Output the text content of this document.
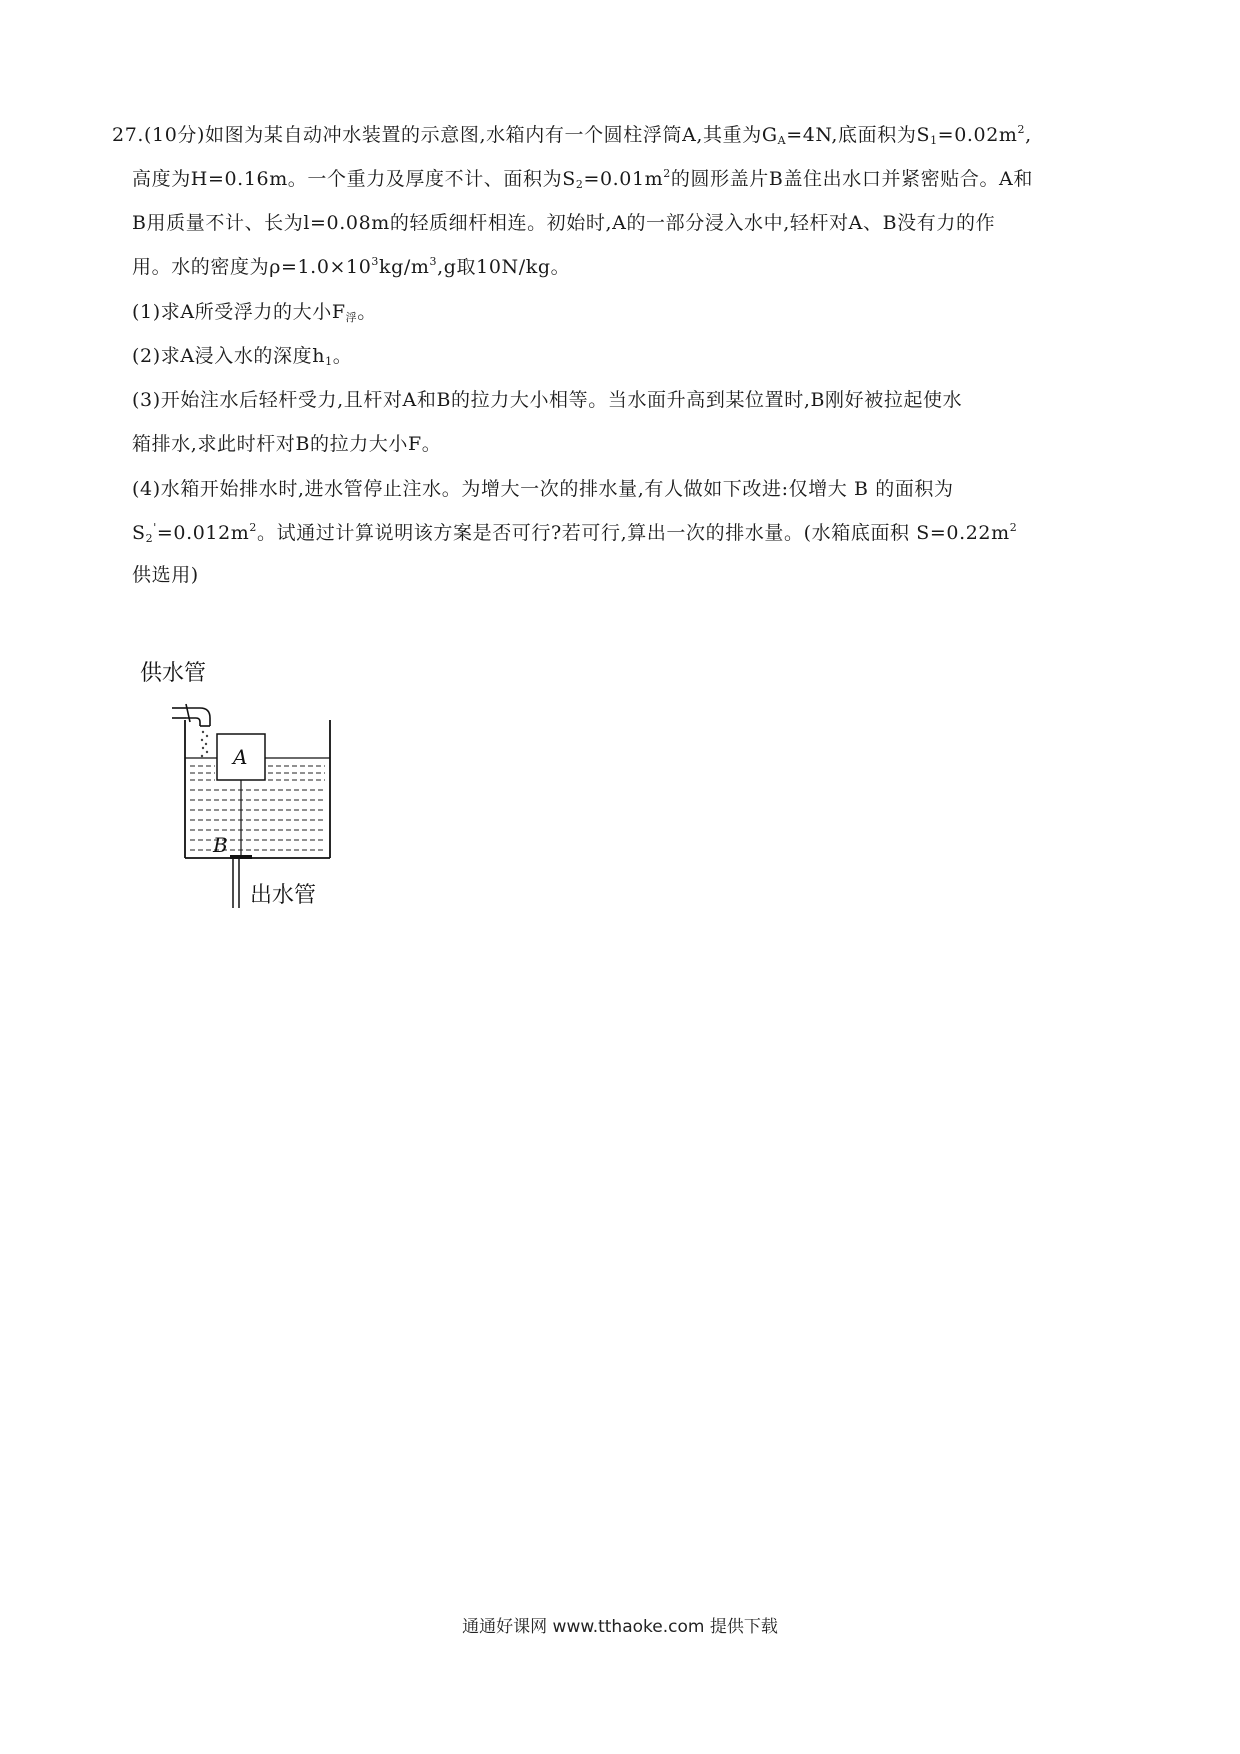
27.(10分)如图为某自动冲水装置的示意图,水箱内有一个圆柱浮筒A,其重为$G_A=4N$,底面积为$S_1=0.02m^2$,
高度为H=0.16m。一个重力及厚度不计、面积为$S_2=0.01m^2$的圆形盖片B盖住出水口并紧密贴合。A和
B用质量不计、长为l=0.08m的轻质细杆相连。初始时,A的一部分浸入水中,轻杆对A、B没有力的作
用。水的密度为$\rho=1.0\times 10^3kg/m^3,g$取10N/kg。
(1)求A所受浮力的大小$F_浮$。
(2)求A浸入水的深度$h_1$。
(3)开始注水后轻杆受力,且杆对A和B的拉力大小相等。当水面升高到某位置时,B刚好被拉起使水
箱排水,求此时杆对B的拉力大小F。
(4)水箱开始排水时,进水管停止注水。为增大一次的排水量,有人做如下改进:仅增大 B 的面积为
$S_2'=0.012m^2$。试通过计算说明该方案是否可行?若可行,算出一次的排水量。(水箱底面积 $S=0.22m^2$
供选用)
供水管
A
B
出水管
通通好课网 www.tthaoke.com 提供下载
